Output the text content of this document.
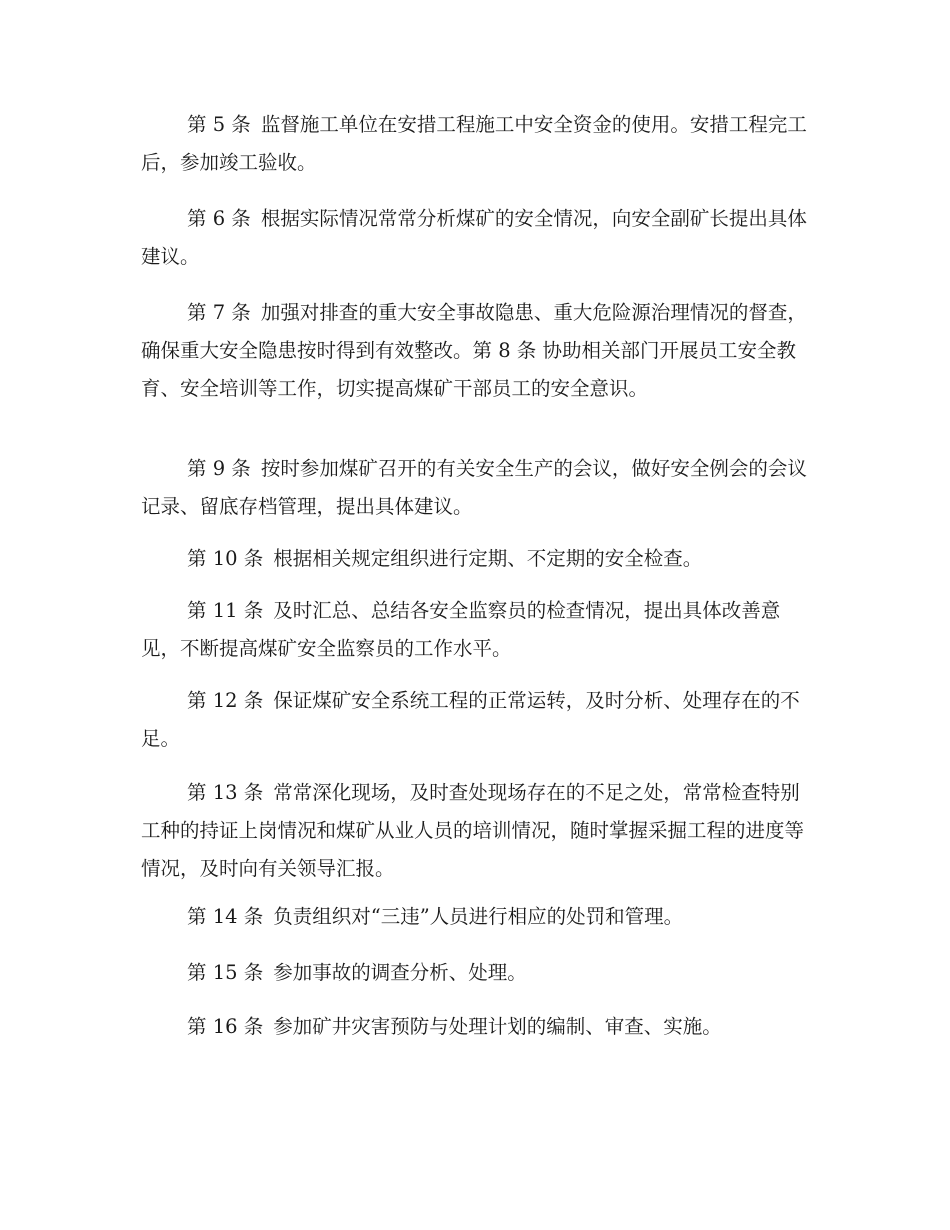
第 5 条 监督施工单位在安措工程施工中安全资金的使用。安措工程完工后，参加竣工验收。

第 6 条 根据实际情况常常分析煤矿的安全情况，向安全副矿长提出具体建议。

第 7 条 加强对排查的重大安全事故隐患、重大危险源治理情况的督查，确保重大安全隐患按时得到有效整改。第 8 条 协助相关部门开展员工安全教育、安全培训等工作，切实提高煤矿干部员工的安全意识。

第 9 条 按时参加煤矿召开的有关安全生产的会议，做好安全例会的会议记录、留底存档管理，提出具体建议。

第 10 条 根据相关规定组织进行定期、不定期的安全检查。

第 11 条 及时汇总、总结各安全监察员的检查情况，提出具体改善意见，不断提高煤矿安全监察员的工作水平。

第 12 条 保证煤矿安全系统工程的正常运转，及时分析、处理存在的不足。

第 13 条 常常深化现场，及时查处现场存在的不足之处，常常检查特别工种的持证上岗情况和煤矿从业人员的培训情况，随时掌握采掘工程的进度等情况，及时向有关领导汇报。

第 14 条 负责组织对“三违”人员进行相应的处罚和管理。

第 15 条 参加事故的调查分析、处理。

第 16 条 参加矿井灾害预防与处理计划的编制、审查、实施。
